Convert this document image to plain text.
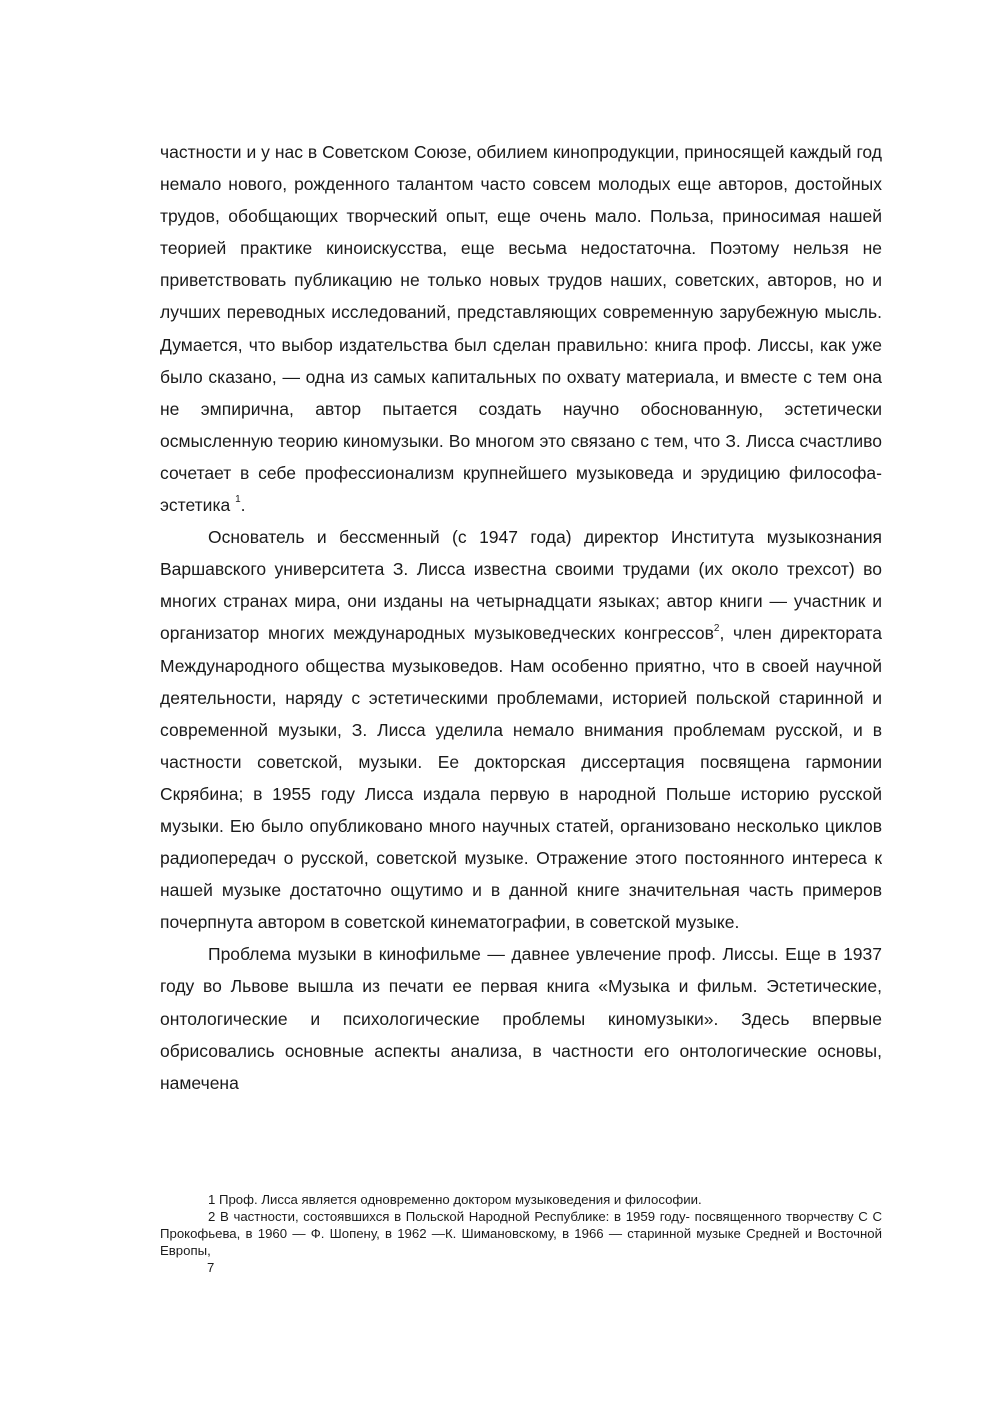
частности и у нас в Советском Союзе, обилием кинопродукции, приносящей каждый год немало нового, рожденного талантом часто совсем молодых еще авторов, достойных трудов, обобщающих творческий опыт, еще очень мало. Польза, приносимая нашей теорией практике киноискусства, еще весьма недостаточна. Поэтому нельзя не приветствовать публикацию не только новых трудов наших, советских, авторов, но и лучших переводных исследований, представляющих современную зарубежную мысль. Думается, что выбор издательства был сделан правильно: книга проф. Лиссы, как уже было сказано, — одна из самых капитальных по охвату материала, и вместе с тем она не эмпирична, автор пытается создать научно обоснованную, эстетически осмысленную теорию киномузыки. Во многом это связано с тем, что З. Лисса счастливо сочетает в себе профессионализм крупнейшего музыковеда и эрудицию философа-эстетика $^1$.

Основатель и бессменный (с 1947 года) директор Института музыкознания Варшавского университета З. Лисса известна своими трудами (их около трехсот) во многих странах мира, они изданы на четырнадцати языках; автор книги — участник и организатор многих международных музыковедческих конгрессов$^2$, член директората Международного общества музыковедов. Нам особенно приятно, что в своей научной деятельности, наряду с эстетическими проблемами, историей польской старинной и современной музыки, З. Лисса уделила немало внимания проблемам русской, и в частности советской, музыки. Ее докторская диссертация посвящена гармонии Скрябина; в 1955 году Лисса издала первую в народной Польше историю русской музыки. Ею было опубликовано много научных статей, организовано несколько циклов радиопередач о русской, советской музыке. Отражение этого постоянного интереса к нашей музыке достаточно ощутимо и в данной книге значительная часть примеров почерпнута автором в советской кинематографии, в советской музыке.

Проблема музыки в кинофильме — давнее увлечение проф. Лиссы. Еще в 1937 году во Львове вышла из печати ее первая книга «Музыка и фильм. Эстетические, онтологические и психологические проблемы киномузыки». Здесь впервые обрисовались основные аспекты анализа, в частности его онтологические основы, намечена

1 Проф. Лисса является одновременно доктором музыковедения и философии.

2 В частности, состоявшихся в Польской Народной Республике: в 1959 году- посвященного творчеству С С Прокофьева, в 1960 — Ф. Шопену, в 1962 —К. Шимановскому, в 1966 — старинной музыке Средней и Восточной Европы,

7
